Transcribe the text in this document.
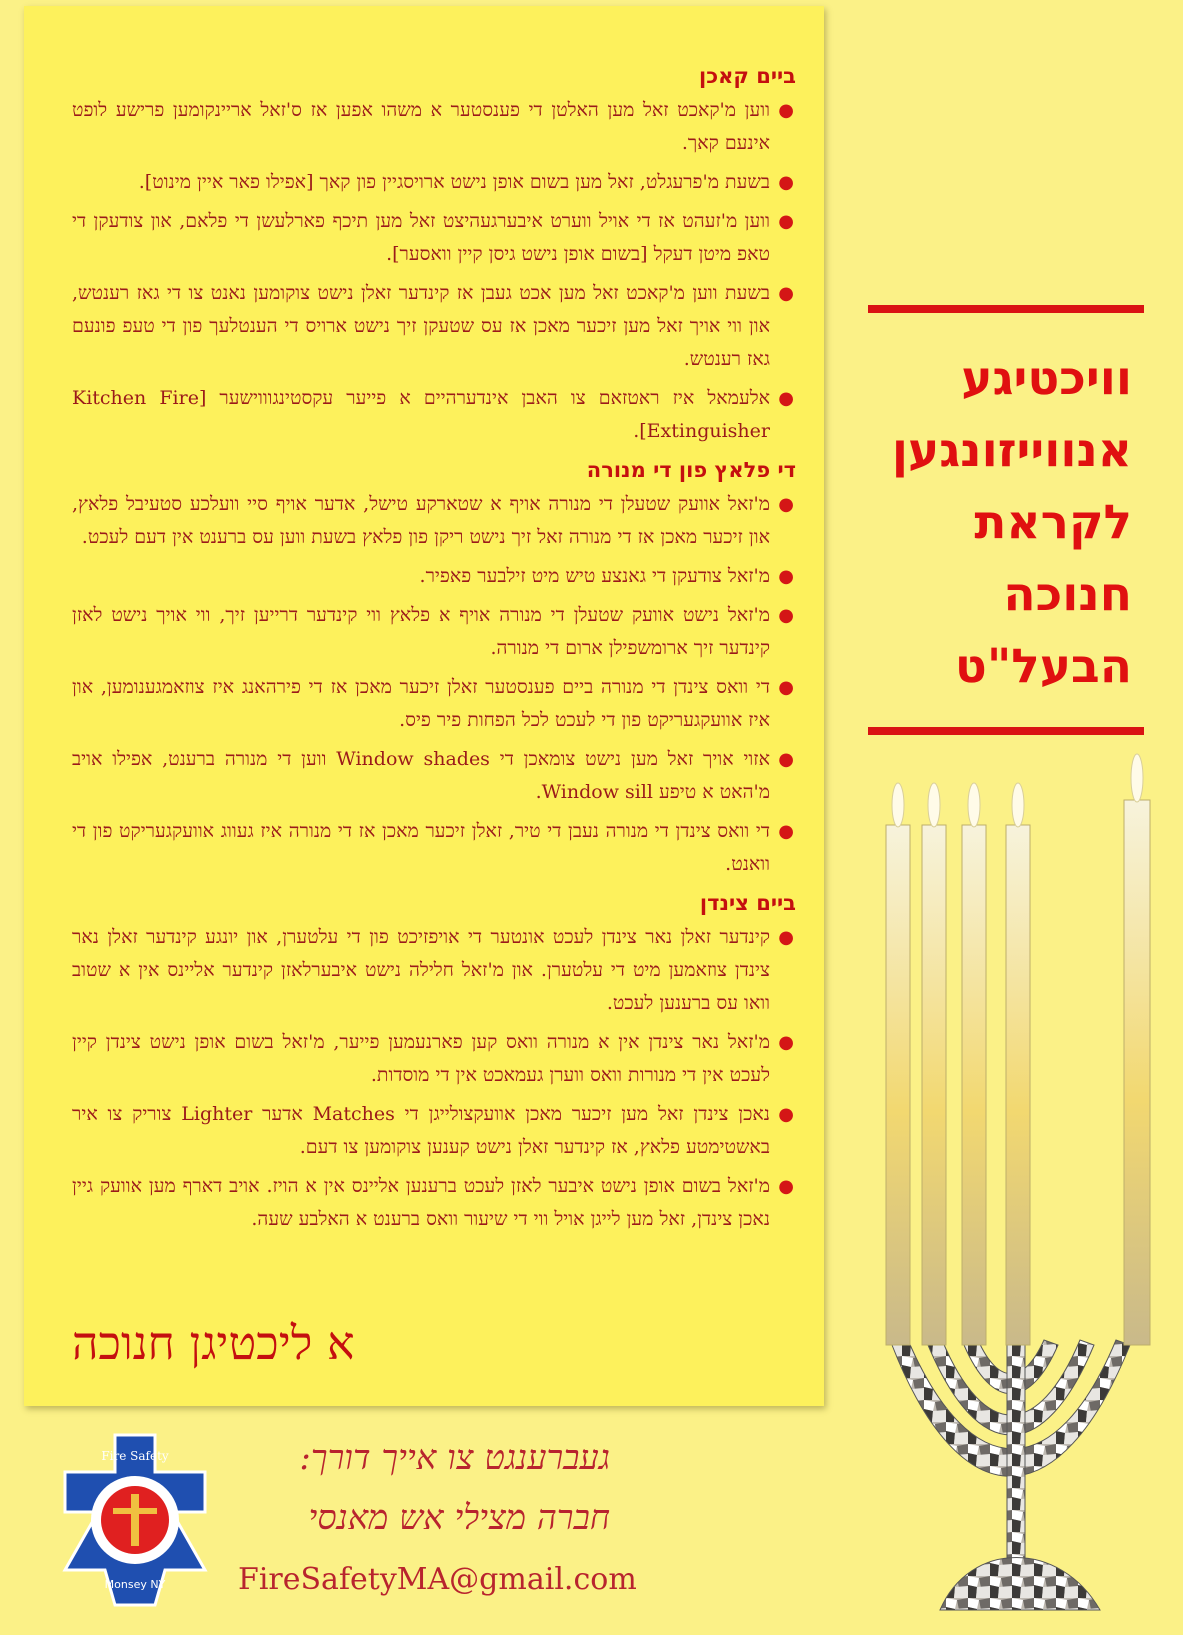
ביים קאכן
●
ווען מ'קאכט זאל מען האלטן די פענסטער א משהו אפען אז ס'זאל אריינקומען פרישע לופט אינעם קאך.
●
בשעת מ'פרעגלט, זאל מען בשום אופן נישט ארויסגיין פון קאך [אפילו פאר איין מינוט].
●
ווען מ'זעהט אז די אויל ווערט איבערגעהיצט זאל מען תיכף פארלעשן די פלאם, און צודעקן די טאפ מיטן דעקל [בשום אופן נישט גיסן קיין וואסער].
●
בשעת ווען מ'קאכט זאל מען אכט געבן אז קינדער זאלן נישט צוקומען נאנט צו די גאז רענטש, און ווי אויך זאל מען זיכער מאכן אז עס שטעקן זיך נישט ארויס די הענטלעך פון די טעפ פונעם גאז רענטש.
●
אלעמאל איז ראטזאם צו האבן אינדערהיים א פייער עקסטינגוווישער [Kitchen Fire Extinguisher].
די פלאץ פון די מנורה
●
מ'זאל אוועק שטעלן די מנורה אויף א שטארקע טישל, אדער אויף סיי וועלכע סטעיבל פלאץ, און זיכער מאכן אז די מנורה זאל זיך נישט ריקן פון פלאץ בשעת ווען עס ברענט אין דעם לעכט.
●
מ'זאל צודעקן די גאנצע טיש מיט זילבער פאפיר.
●
מ'זאל נישט אוועק שטעלן די מנורה אויף א פלאץ ווי קינדער דרייען זיך, ווי אויך נישט לאזן קינדער זיך ארומשפילן ארום די מנורה.
●
די וואס צינדן די מנורה ביים פענסטער זאלן זיכער מאכן אז די פירהאנג איז צוזאמגענומען, און איז אוועקגעריקט פון די לעכט לכל הפחות פיר פיס.
●
אזוי אויך זאל מען נישט צומאכן די Window shades ווען די מנורה ברענט, אפילו אויב מ'האט א טיפע Window sill.
●
די וואס צינדן די מנורה נעבן די טיר, זאלן זיכער מאכן אז די מנורה איז געווג אוועקגעריקט פון די וואנט.
ביים צינדן
●
קינדער זאלן נאר צינדן לעכט אונטער די אויפזיכט פון די עלטערן, און יונגע קינדער זאלן נאר צינדן צוזאמען מיט די עלטערן. און מ'זאל חלילה נישט איבערלאזן קינדער אליינס אין א שטוב וואו עס ברענען לעכט.
●
מ'זאל נאר צינדן אין א מנורה וואס קען פארנעמען פייער, מ'זאל בשום אופן נישט צינדן קיין לעכט אין די מנורות וואס ווערן געמאכט אין די מוסדות.
●
נאכן צינדן זאל מען זיכער מאכן אוועקצולייגן די Matches אדער Lighter צוריק צו איר באשטימטע פלאץ, אז קינדער זאלן נישט קענען צוקומען צו דעם.
●
מ'זאל בשום אופן נישט איבער לאזן לעכט ברענען אליינס אין א הויז. אויב דארף מען אוועק גיין נאכן צינדן, זאל מען לייגן אויל ווי די שיעור וואס ברענט א האלבע שעה.
א ליכטיגן חנוכה
וויכטיגע
אנווייזונגען
לקראת
חנוכה
הבעל"ט
Fire Safety
Monsey NY
געברענגט צו אייך דורך:
חברה מצילי אש מאנסי
FireSafetyMA@gmail.com
